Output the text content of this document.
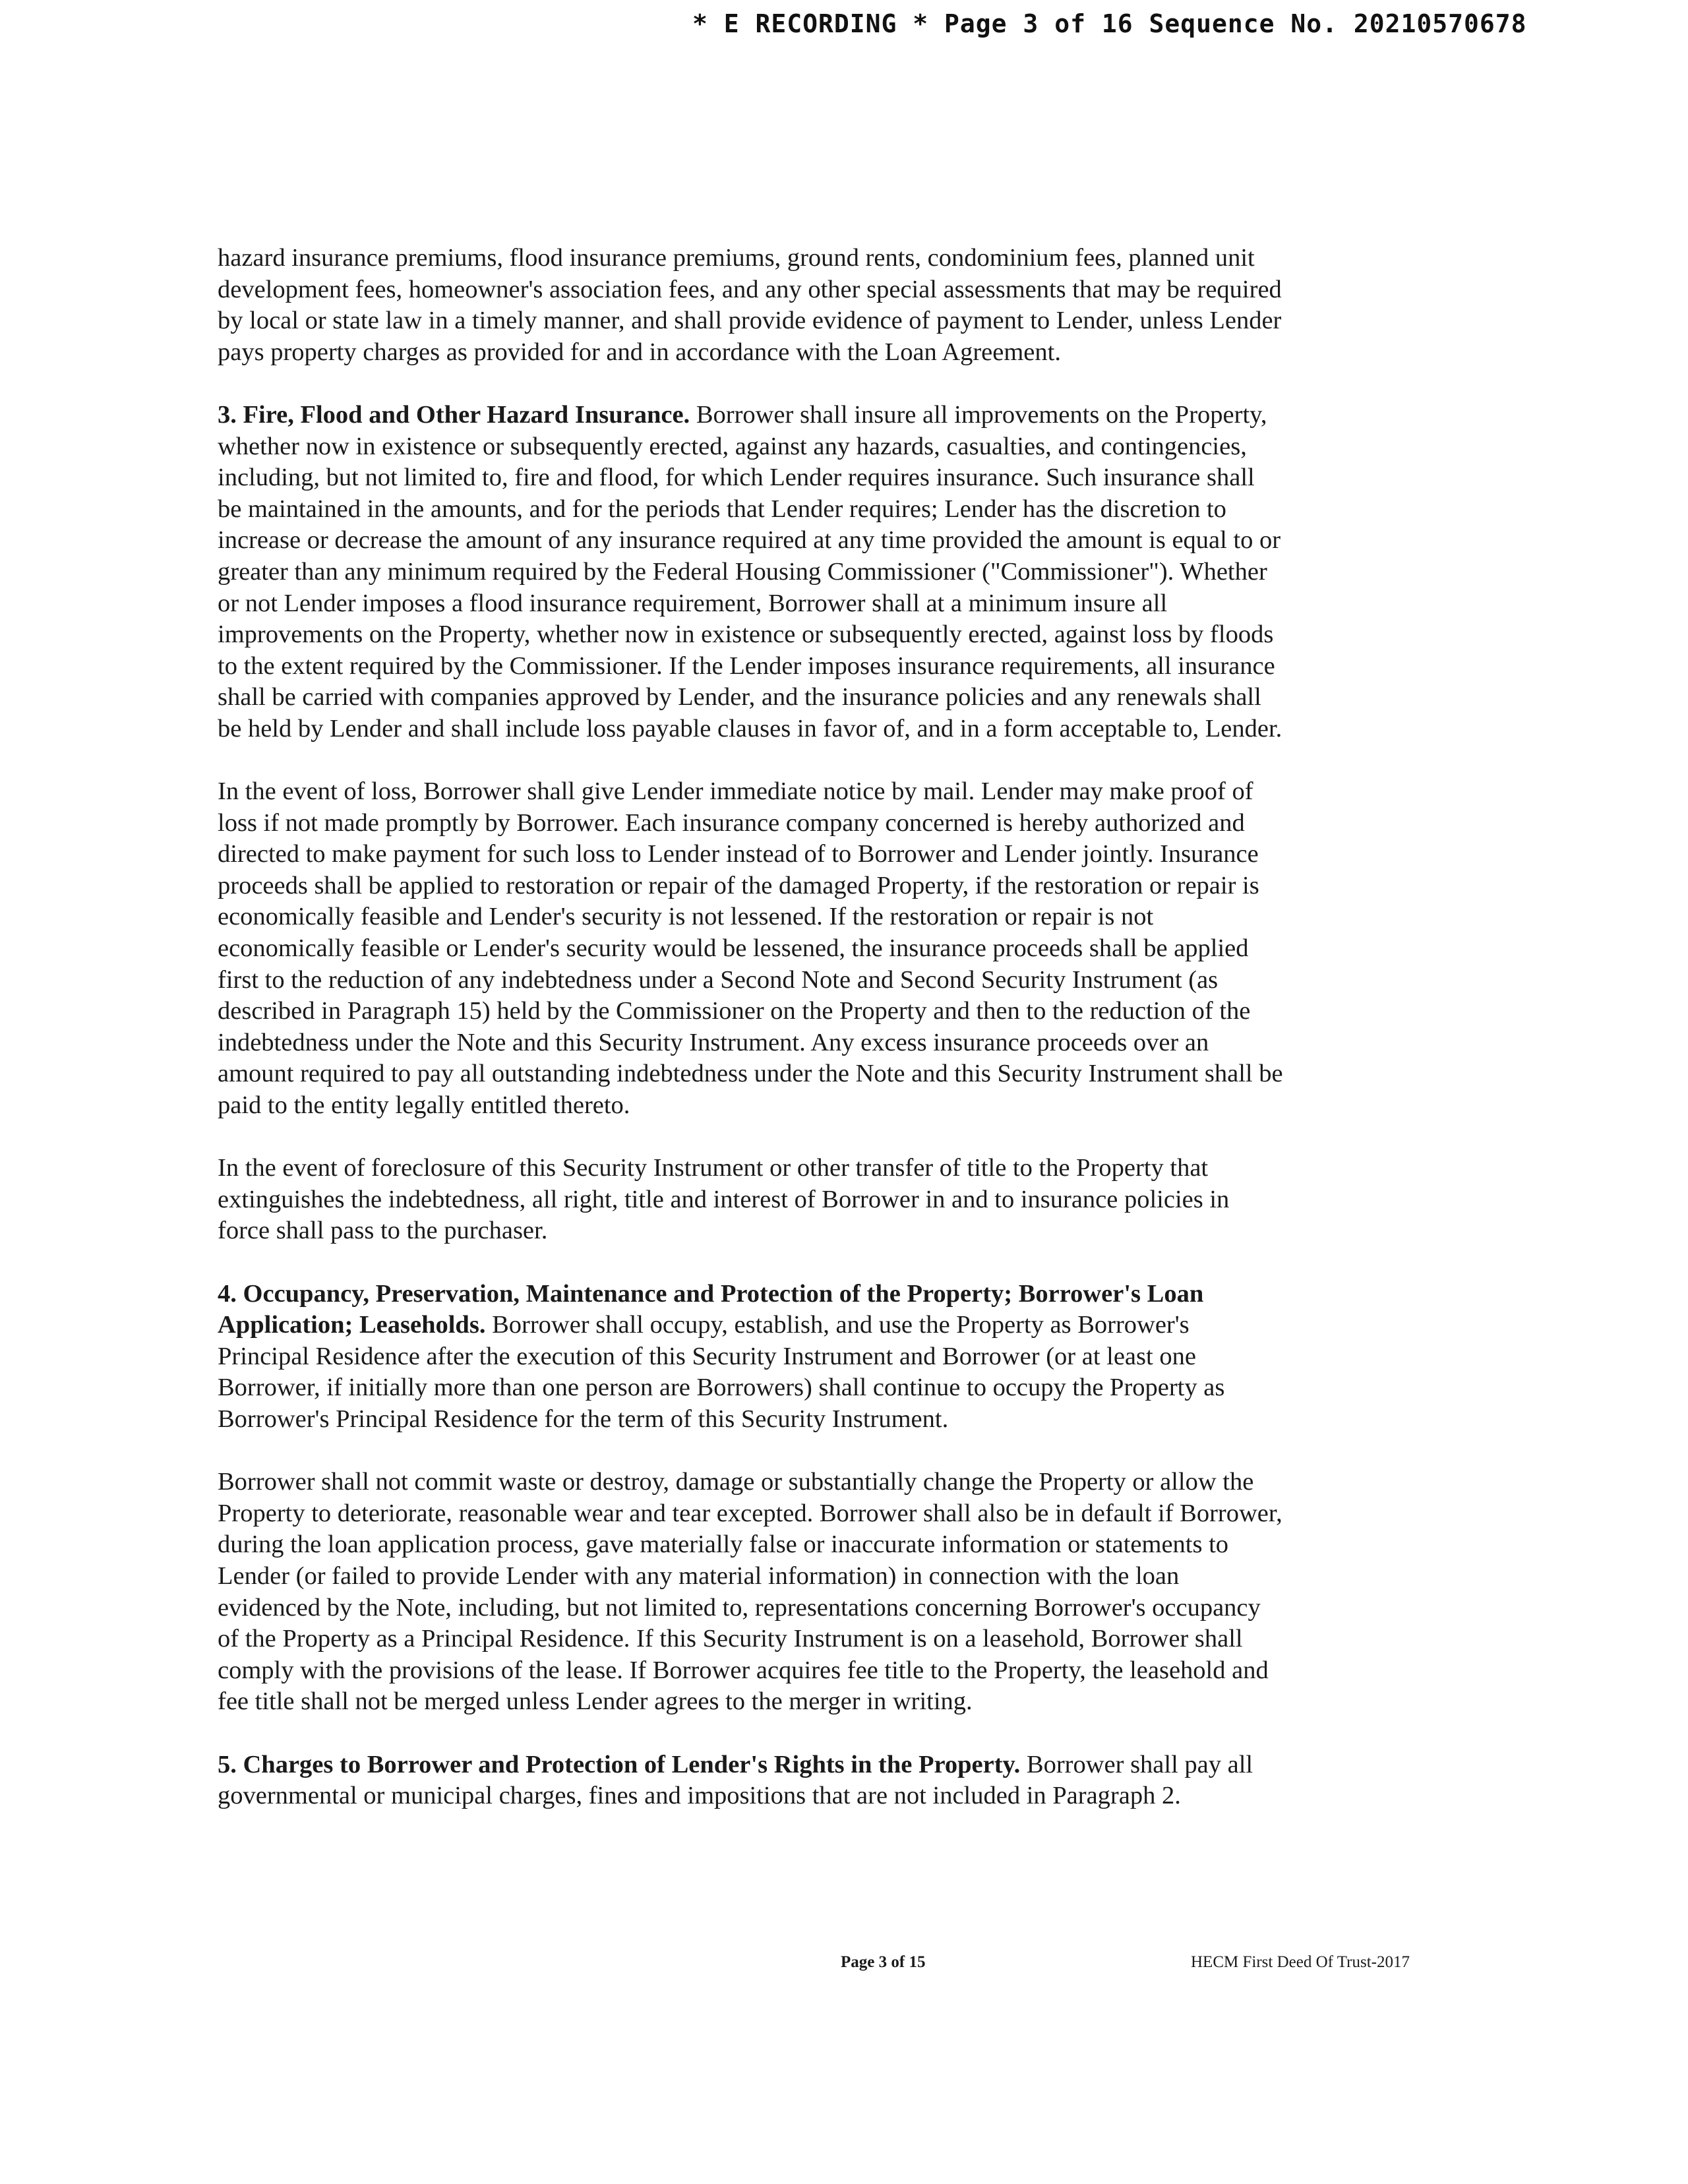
* E RECORDING * Page 3 of 16 Sequence No. 20210570678
hazard insurance premiums, flood insurance premiums, ground rents, condominium fees, planned unit
development fees, homeowner's association fees, and any other special assessments that may be required
by local or state law in a timely manner, and shall provide evidence of payment to Lender, unless Lender
pays property charges as provided for and in accordance with the Loan Agreement.
3. Fire, Flood and Other Hazard Insurance. Borrower shall insure all improvements on the Property,
whether now in existence or subsequently erected, against any hazards, casualties, and contingencies,
including, but not limited to, fire and flood, for which Lender requires insurance. Such insurance shall
be maintained in the amounts, and for the periods that Lender requires; Lender has the discretion to
increase or decrease the amount of any insurance required at any time provided the amount is equal to or
greater than any minimum required by the Federal Housing Commissioner ("Commissioner"). Whether
or not Lender imposes a flood insurance requirement, Borrower shall at a minimum insure all
improvements on the Property, whether now in existence or subsequently erected, against loss by floods
to the extent required by the Commissioner. If the Lender imposes insurance requirements, all insurance
shall be carried with companies approved by Lender, and the insurance policies and any renewals shall
be held by Lender and shall include loss payable clauses in favor of, and in a form acceptable to, Lender.
In the event of loss, Borrower shall give Lender immediate notice by mail. Lender may make proof of
loss if not made promptly by Borrower. Each insurance company concerned is hereby authorized and
directed to make payment for such loss to Lender instead of to Borrower and Lender jointly. Insurance
proceeds shall be applied to restoration or repair of the damaged Property, if the restoration or repair is
economically feasible and Lender's security is not lessened. If the restoration or repair is not
economically feasible or Lender's security would be lessened, the insurance proceeds shall be applied
first to the reduction of any indebtedness under a Second Note and Second Security Instrument (as
described in Paragraph 15) held by the Commissioner on the Property and then to the reduction of the
indebtedness under the Note and this Security Instrument. Any excess insurance proceeds over an
amount required to pay all outstanding indebtedness under the Note and this Security Instrument shall be
paid to the entity legally entitled thereto.
In the event of foreclosure of this Security Instrument or other transfer of title to the Property that
extinguishes the indebtedness, all right, title and interest of Borrower in and to insurance policies in
force shall pass to the purchaser.
4. Occupancy, Preservation, Maintenance and Protection of the Property; Borrower's Loan
Application; Leaseholds. Borrower shall occupy, establish, and use the Property as Borrower's
Principal Residence after the execution of this Security Instrument and Borrower (or at least one
Borrower, if initially more than one person are Borrowers) shall continue to occupy the Property as
Borrower's Principal Residence for the term of this Security Instrument.
Borrower shall not commit waste or destroy, damage or substantially change the Property or allow the
Property to deteriorate, reasonable wear and tear excepted. Borrower shall also be in default if Borrower,
during the loan application process, gave materially false or inaccurate information or statements to
Lender (or failed to provide Lender with any material information) in connection with the loan
evidenced by the Note, including, but not limited to, representations concerning Borrower's occupancy
of the Property as a Principal Residence. If this Security Instrument is on a leasehold, Borrower shall
comply with the provisions of the lease. If Borrower acquires fee title to the Property, the leasehold and
fee title shall not be merged unless Lender agrees to the merger in writing.
5. Charges to Borrower and Protection of Lender's Rights in the Property. Borrower shall pay all
governmental or municipal charges, fines and impositions that are not included in Paragraph 2.
Page 3 of 15	HECM First Deed Of Trust-2017
